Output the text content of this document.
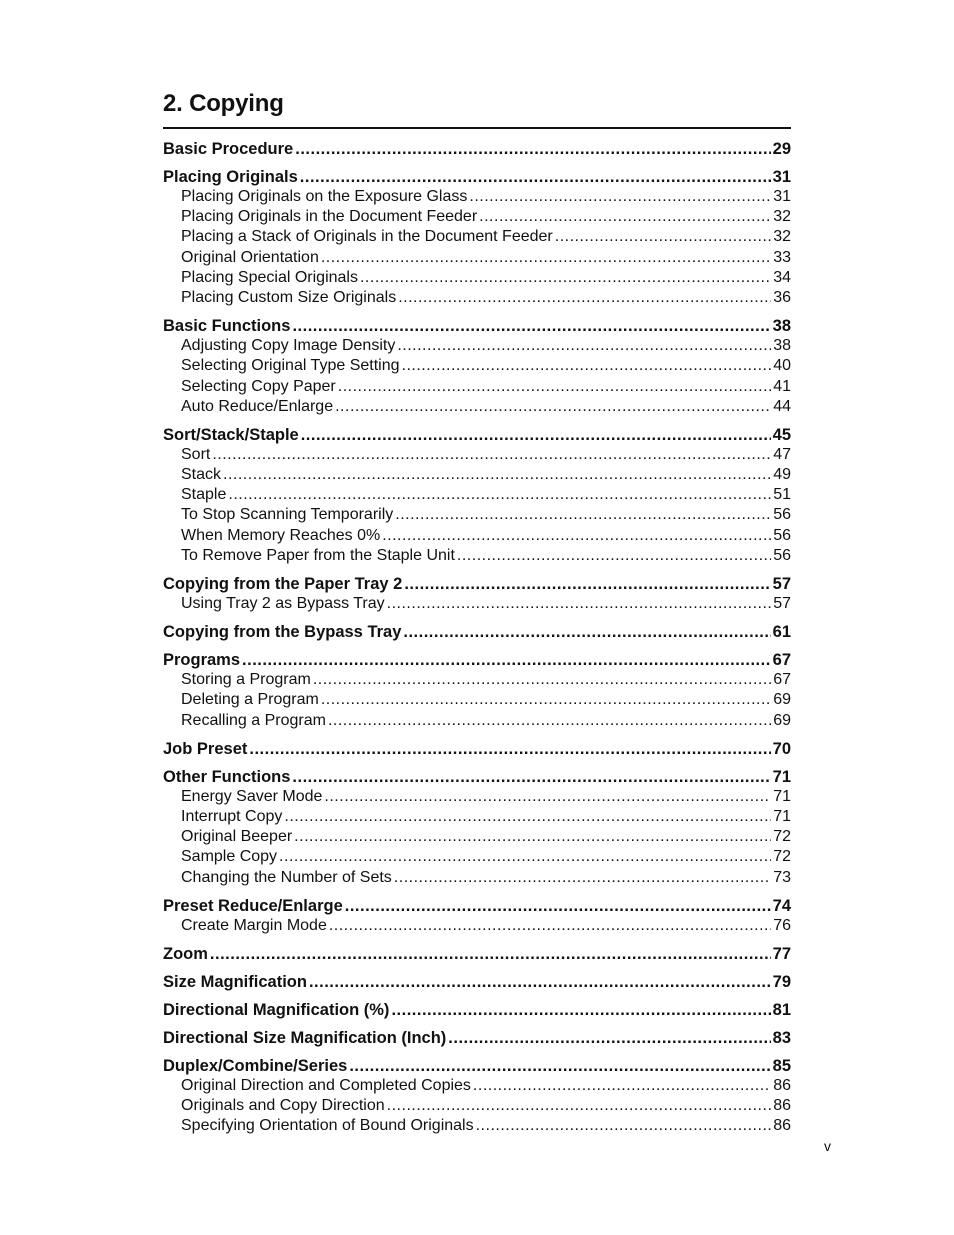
2. Copying
Basic Procedure .....	29
Placing Originals .....	31
Placing Originals on the Exposure Glass .....	31
Placing Originals in the Document Feeder .....	32
Placing a Stack of Originals in the Document Feeder .....	32
Original Orientation .....	33
Placing Special Originals .....	34
Placing Custom Size Originals .....	36
Basic Functions .....	38
Adjusting Copy Image Density .....	38
Selecting Original Type Setting .....	40
Selecting Copy Paper .....	41
Auto Reduce/Enlarge .....	44
Sort/Stack/Staple .....	45
Sort .....	47
Stack .....	49
Staple .....	51
To Stop Scanning Temporarily .....	56
When Memory Reaches 0% .....	56
To Remove Paper from the Staple Unit .....	56
Copying from the Paper Tray 2 .....	57
Using Tray 2 as Bypass Tray .....	57
Copying from the Bypass Tray .....	61
Programs .....	67
Storing a Program .....	67
Deleting a Program .....	69
Recalling a Program .....	69
Job Preset .....	70
Other Functions .....	71
Energy Saver Mode .....	71
Interrupt Copy .....	71
Original Beeper .....	72
Sample Copy .....	72
Changing the Number of Sets .....	73
Preset Reduce/Enlarge .....	74
Create Margin Mode .....	76
Zoom .....	77
Size Magnification .....	79
Directional Magnification (%) .....	81
Directional Size Magnification (Inch) .....	83
Duplex/Combine/Series .....	85
Original Direction and Completed Copies .....	86
Originals and Copy Direction .....	86
Specifying Orientation of Bound Originals .....	86
v
